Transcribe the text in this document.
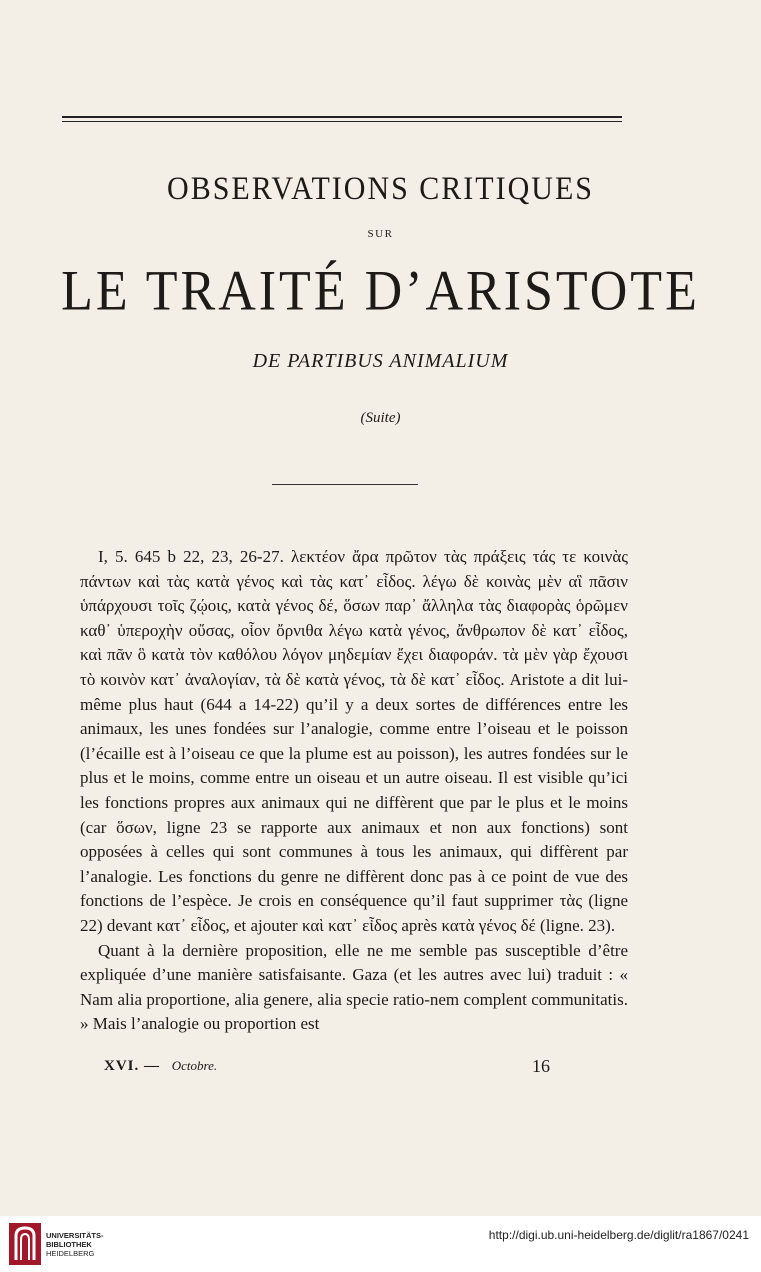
OBSERVATIONS CRITIQUES
SUR
LE TRAITÉ D’ARISTOTE
DE PARTIBUS ANIMALIUM
(Suite)

I, 5. 645 b 22, 23, 26-27. λεκτέον ἄρα πρῶτον τὰς πράξεις τάς τε κοινὰς πάντων καὶ τὰς κατὰ γένος καὶ τὰς κατ᾽ εἶδος. λέγω δὲ κοινὰς μὲν αἳ πᾶσιν ὑπάρχουσι τοῖς ζῴοις, κατὰ γένος δέ, ὅσων παρ᾽ ἄλληλα τὰς διαφορὰς ὁρῶμεν καθ᾽ ὑπεροχὴν οὔσας, οἷον ὄρνιθα λέγω κατὰ γένος, ἄνθρωπον δὲ κατ᾽ εἶδος, καὶ πᾶν ὃ κατὰ τὸν καθόλου λόγον μηδεμίαν ἔχει διαφοράν. τὰ μὲν γὰρ ἔχουσι τὸ κοινὸν κατ᾽ ἀναλογίαν, τὰ δὲ κατὰ γένος, τὰ δὲ κατ᾽ εἶδος. Aristote a dit lui-même plus haut (644 a 14-22) qu’il y a deux sortes de différences entre les animaux, les unes fondées sur l’analogie, comme entre l’oiseau et le poisson (l’écaille est à l’oiseau ce que la plume est au poisson), les autres fondées sur le plus et le moins, comme entre un oiseau et un autre oiseau. Il est visible qu’ici les fonctions propres aux animaux qui ne diffèrent que par le plus et le moins (car ὅσων, ligne 23 se rapporte aux animaux et non aux fonctions) sont opposées à celles qui sont communes à tous les animaux, qui diffèrent par l’analogie. Les fonctions du genre ne diffèrent donc pas à ce point de vue des fonctions de l’espèce. Je crois en conséquence qu’il faut supprimer τὰς (ligne 22) devant κατ᾽ εἶδος, et ajouter καὶ κατ᾽ εἶδος après κατὰ γένος δέ (ligne. 23).

Quant à la dernière proposition, elle ne me semble pas susceptible d’être expliquée d’une manière satisfaisante. Gaza (et les autres avec lui) traduit : « Nam alia proportione, alia genere, alia specie ratio-nem complent communitatis. » Mais l’analogie ou proportion est

XVI. — Octobre.	16
UNIVERSITÄTS-
BIBLIOTHEK
HEIDELBERG
http://digi.ub.uni-heidelberg.de/diglit/ra1867/0241
